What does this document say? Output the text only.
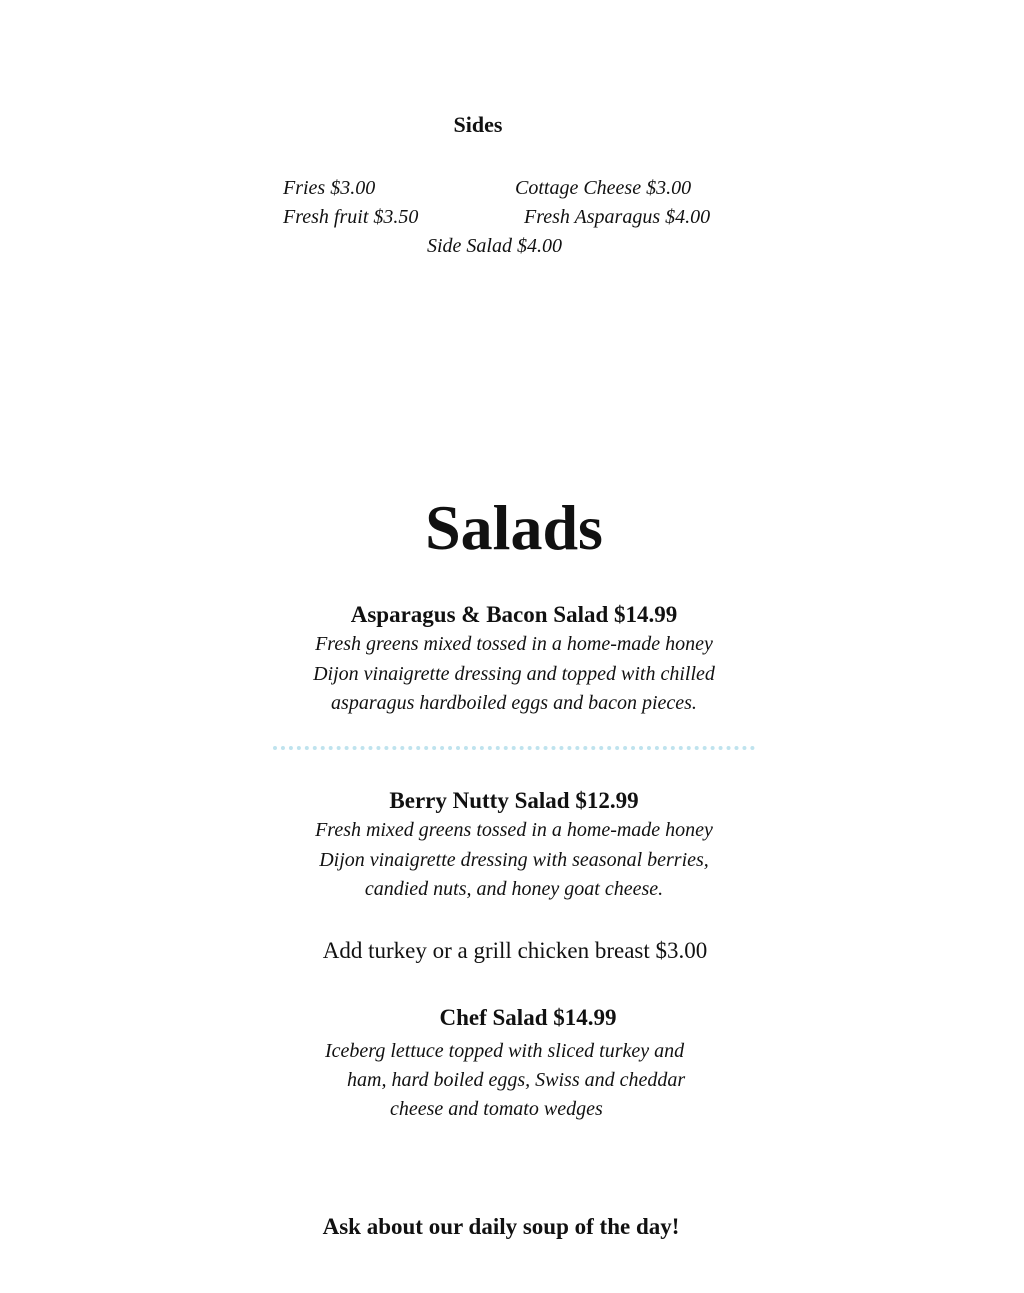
Sides
Fries $3.00	Cottage Cheese $3.00
Fresh fruit $3.50	Fresh Asparagus $4.00
Side Salad $4.00
Salads
Asparagus & Bacon Salad $14.99
Fresh greens mixed tossed in a home-made honey
Dijon vinaigrette dressing and topped with chilled
asparagus hardboiled eggs and bacon pieces.
Berry Nutty Salad $12.99
Fresh mixed greens tossed in a home-made honey
Dijon vinaigrette dressing with seasonal berries,
candied nuts, and honey goat cheese.
Add turkey or a grill chicken breast $3.00
Chef Salad $14.99
Iceberg lettuce topped with sliced turkey and
ham, hard boiled eggs, Swiss and cheddar
cheese and tomato wedges
Ask about our daily soup of the day!
